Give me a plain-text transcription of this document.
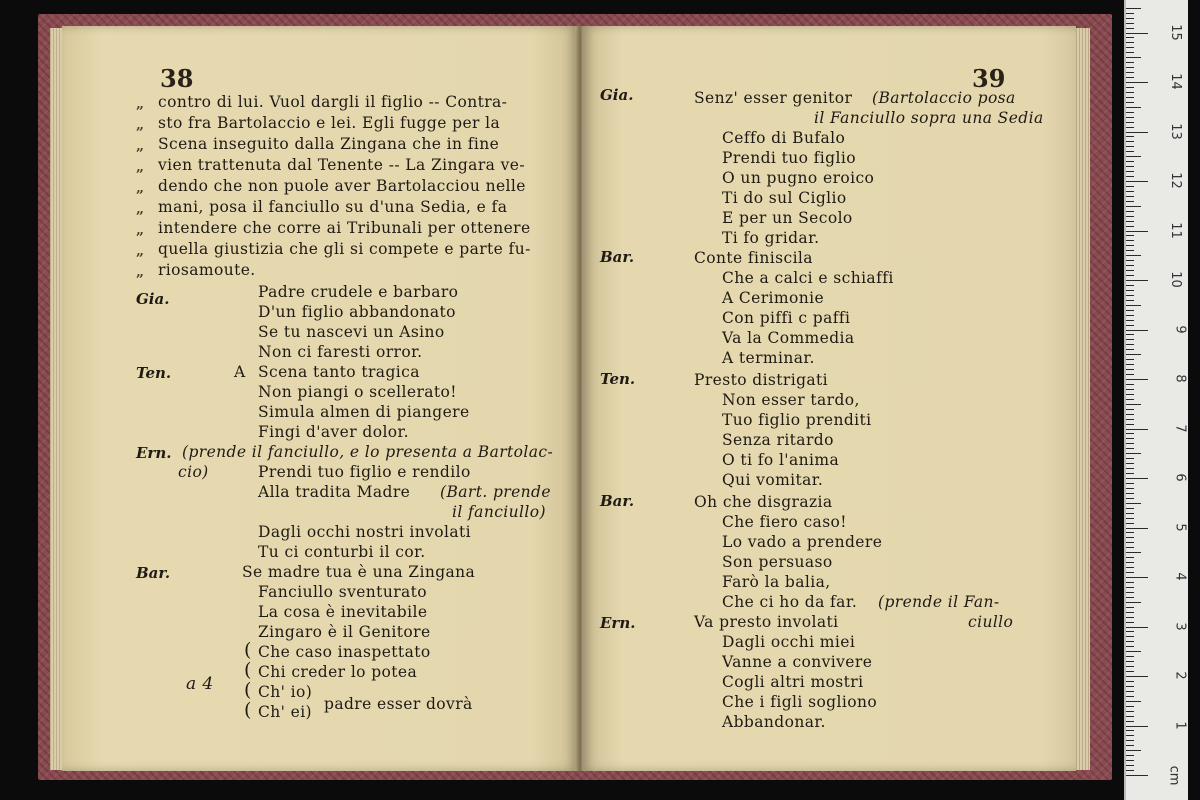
38
„ contro di lui. Vuol dargli il figlio -- Contra-
„ sto fra Bartolaccio e lei. Egli fugge per la
„ Scena inseguito dalla Zingana che in fine
„ vien trattenuta dal Tenente -- La Zingara ve-
„ dendo che non puole aver Bartolacciou nelle
„ mani, posa il fanciullo su d'una Sedia, e fa
„ intendere che corre ai Tribunali per ottenere
„ quella giustizia che gli si compete e parte fu-
„ riosamoute.
Gia.	Padre crudele e barbaro
D'un figlio abbandonato
Se tu nascevi un Asino
Non ci faresti orror.
Ten.	A Scena tanto tragica
Non piangi o scellerato!
Simula almen di piangere
Fingi d'aver dolor.
Ern. (prende il fanciullo, e lo presenta a Bartolac-
cio)	Prendi tuo figlio e rendilo
Alla tradita Madre (Bart. prende
il fanciullo)
Dagli occhi nostri involati
Tu ci conturbi il cor.
Bar.	Se madre tua è una Zingana
Fanciullo sventurato
La cosa è inevitabile
Zingaro è il Genitore
a 4
( Che caso inaspettato
( Chi creder lo potea
( Ch' io)
( Ch' ei) padre esser dovrà
39
Gia.	Senz' esser genitor (Bartolaccio posa
il Fanciullo sopra una Sedia
Ceffo di Bufalo
Prendi tuo figlio
O un pugno eroico
Ti do sul Ciglio
E per un Secolo
Ti fo gridar.
Bar.	Conte finiscila
Che a calci e schiaffi
A Cerimonie
Con piffi c paffi
Va la Commedia
A terminar.
Ten.	Presto distrigati
Non esser tardo,
Tuo figlio prenditi
Senza ritardo
O ti fo l'anima
Qui vomitar.
Bar.	Oh che disgrazia
Che fiero caso!
Lo vado a prendere
Son persuaso
Farò la balia,
Che ci ho da far. (prende il Fan-
ciullo
Ern.	Va presto involati
Dagli occhi miei
Vanne a convivere
Cogli altri mostri
Che i figli sogliono
Abbandonar.
cm
1
2
3
4
5
6
7
8
9
10
11
12
13
14
15
